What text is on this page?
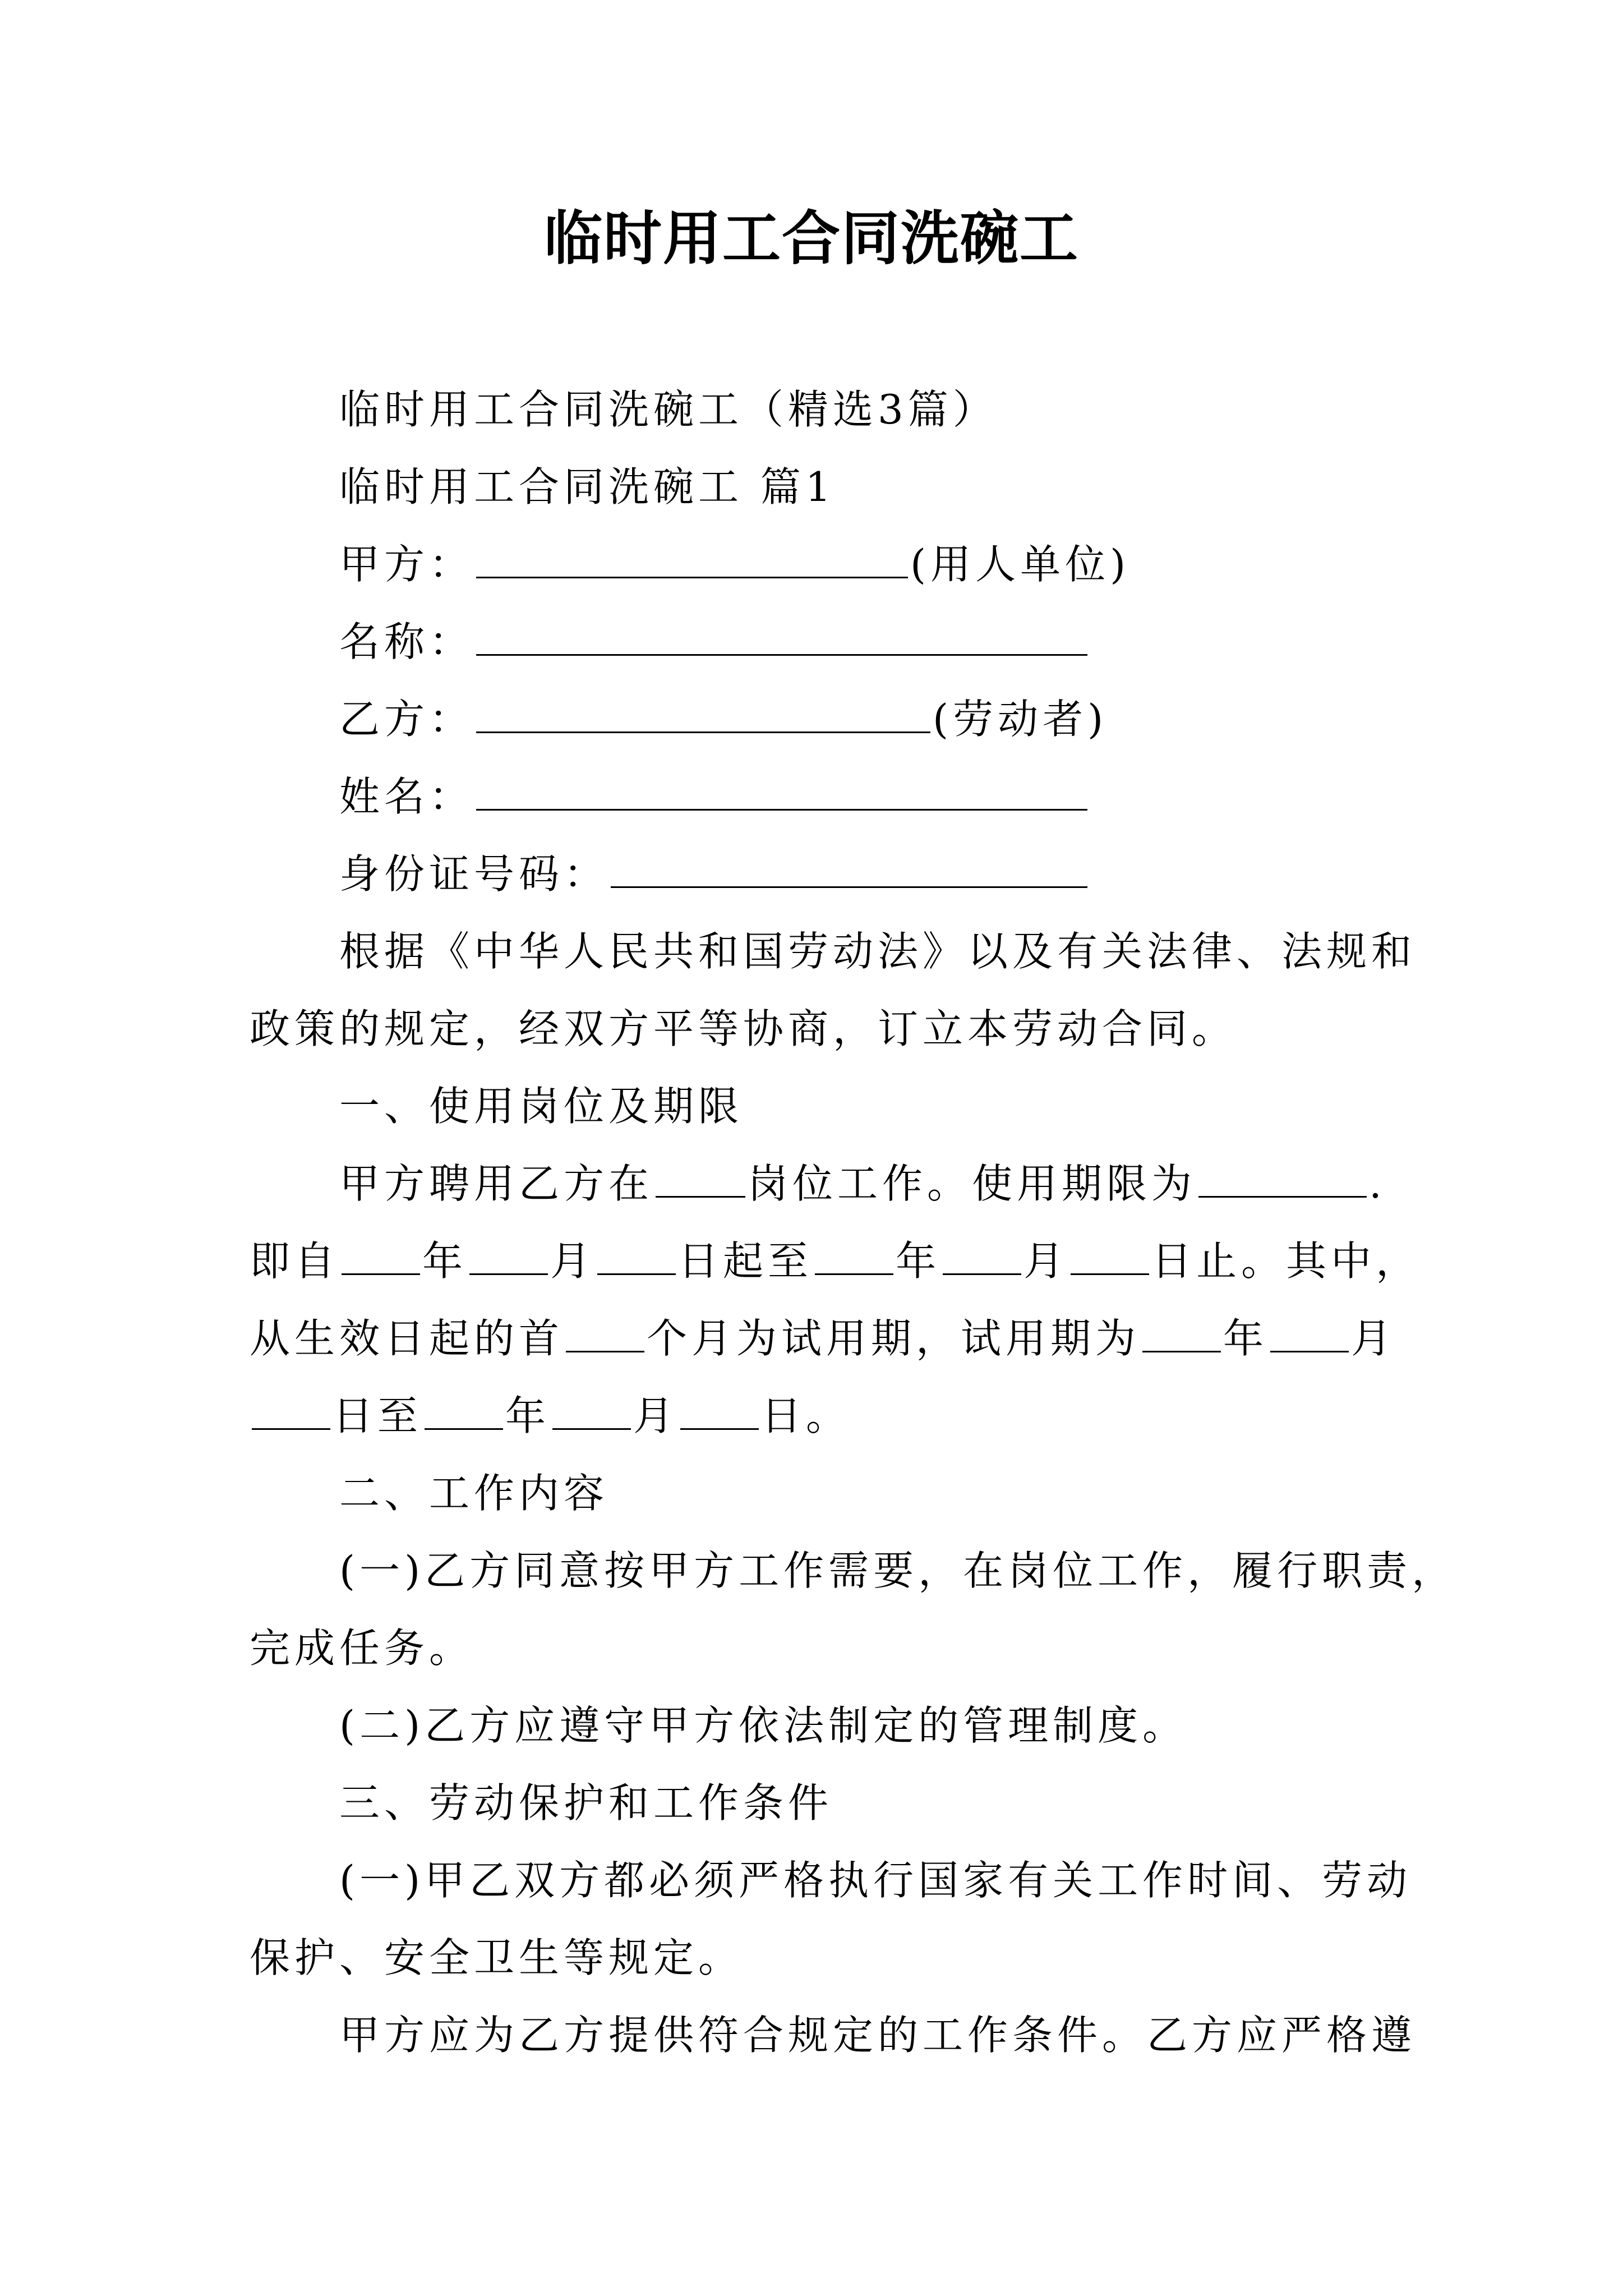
临时用工合同洗碗工
临时用工合同洗碗工（精选3篇）
临时用工合同洗碗工 篇1
甲方：	(用人单位)
名称：
乙方：	(劳动者)
姓名：
身份证号码：
根据《中华人民共和国劳动法》以及有关法律、法规和
政策的规定，经双方平等协商，订立本劳动合同。
一、使用岗位及期限
甲方聘用乙方在 岗位工作。使用期限为	.
即自 年 月 日起至 年 月 日止。其中，
从生效日起的首 个月为试用期，试用期为 年 月
日至 年 月 日。
二、工作内容
(一)乙方同意按甲方工作需要，在岗位工作，履行职责，
完成任务。
(二)乙方应遵守甲方依法制定的管理制度。
三、劳动保护和工作条件
(一)甲乙双方都必须严格执行国家有关工作时间、劳动
保护、安全卫生等规定。
甲方应为乙方提供符合规定的工作条件。乙方应严格遵
